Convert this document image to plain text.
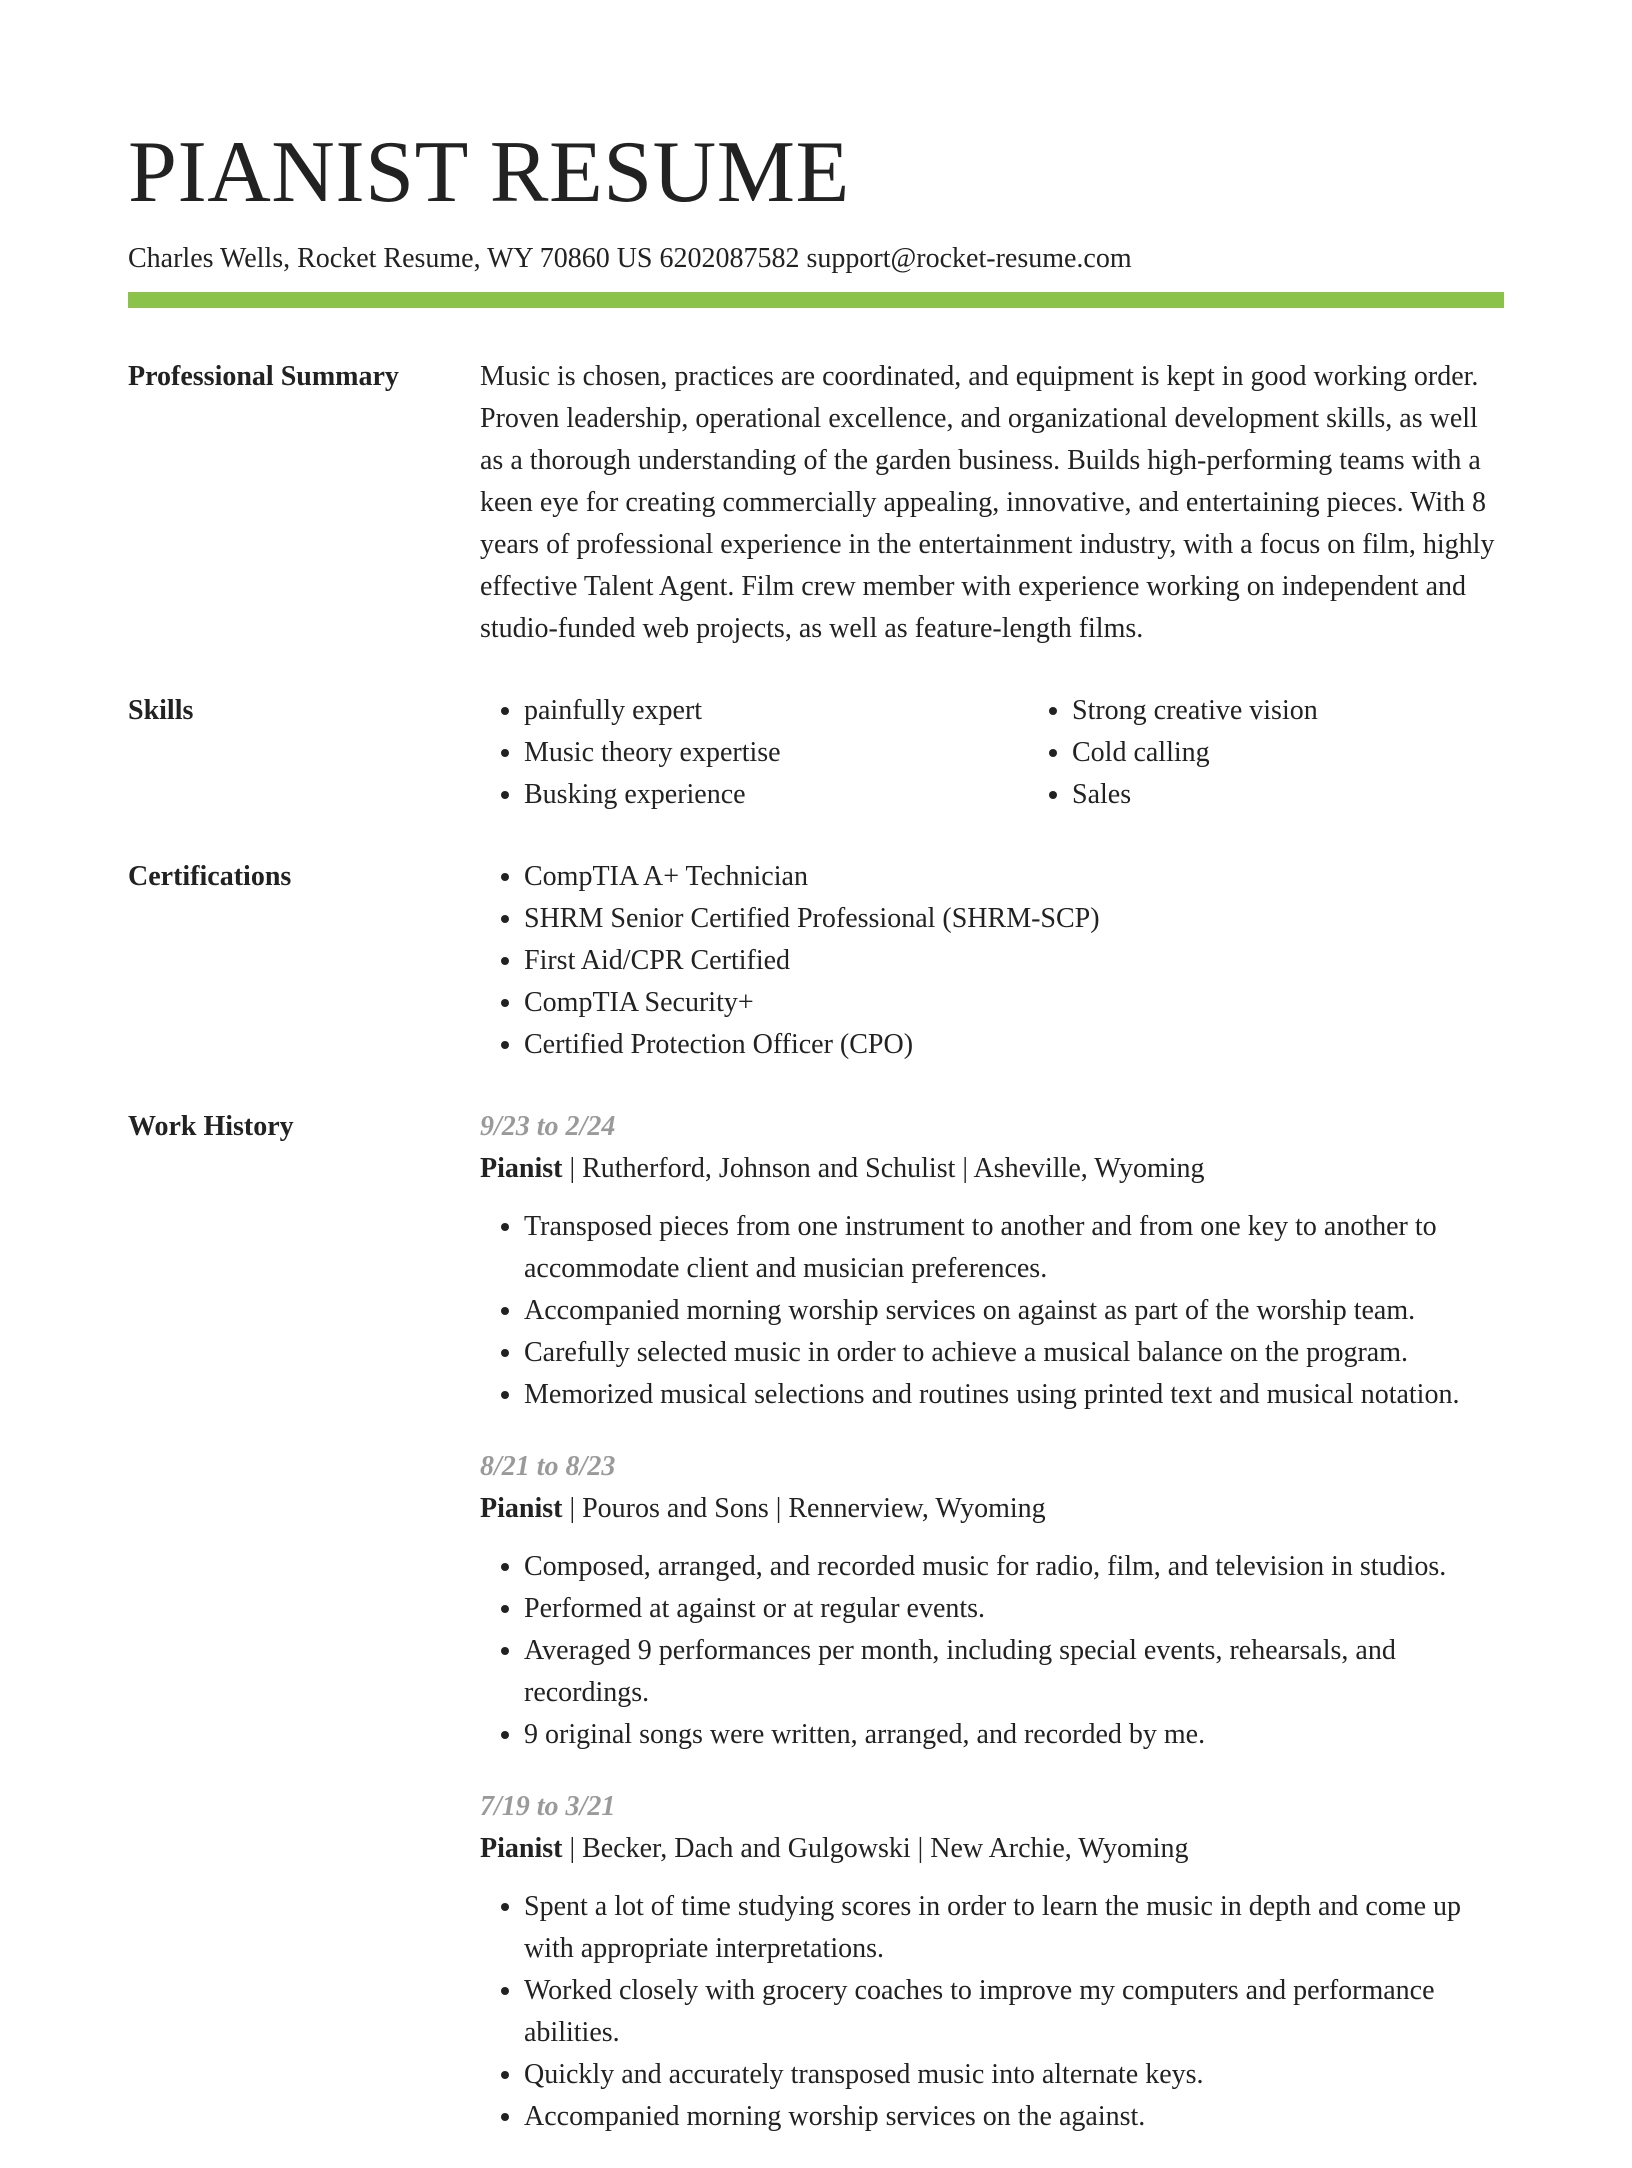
PIANIST RESUME
Charles Wells, Rocket Resume, WY 70860 US 6202087582 support@rocket-resume.com
Professional Summary	Music is chosen, practices are coordinated, and equipment is kept in good working order. Proven leadership, operational excellence, and organizational development skills, as well as a thorough understanding of the garden business. Builds high-performing teams with a keen eye for creating commercially appealing, innovative, and entertaining pieces. With 8 years of professional experience in the entertainment industry, with a focus on film, highly effective Talent Agent. Film crew member with experience working on independent and studio-funded web projects, as well as feature-length films.

Skills	• painfully expert
• Music theory expertise
• Busking experience
• Strong creative vision
• Cold calling
• Sales
Certifications	• CompTIA A+ Technician
• SHRM Senior Certified Professional (SHRM-SCP)
• First Aid/CPR Certified
• CompTIA Security+
• Certified Protection Officer (CPO)
Work History	9/23 to 2/24
Pianist | Rutherford, Johnson and Schulist | Asheville, Wyoming
• Transposed pieces from one instrument to another and from one key to another to accommodate client and musician preferences.
• Accompanied morning worship services on against as part of the worship team.
• Carefully selected music in order to achieve a musical balance on the program.
• Memorized musical selections and routines using printed text and musical notation.
8/21 to 8/23
Pianist | Pouros and Sons | Rennerview, Wyoming
• Composed, arranged, and recorded music for radio, film, and television in studios.
• Performed at against or at regular events.
• Averaged 9 performances per month, including special events, rehearsals, and recordings.
• 9 original songs were written, arranged, and recorded by me.
7/19 to 3/21
Pianist | Becker, Dach and Gulgowski | New Archie, Wyoming
• Spent a lot of time studying scores in order to learn the music in depth and come up with appropriate interpretations.
• Worked closely with grocery coaches to improve my computers and performance abilities.
• Quickly and accurately transposed music into alternate keys.
• Accompanied morning worship services on the against.
